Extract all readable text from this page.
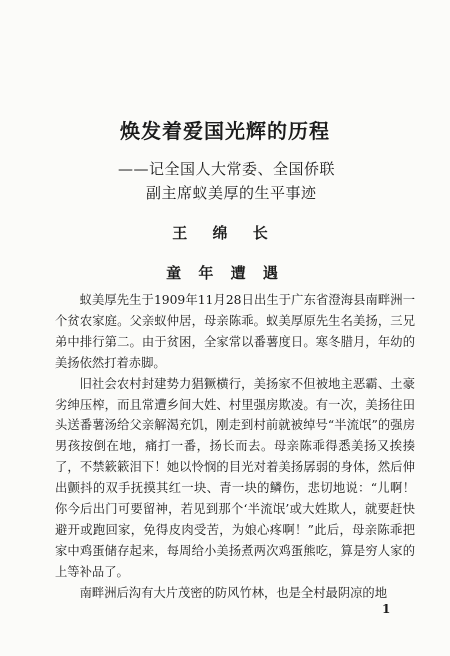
焕发着爱国光辉的历程
——记全国人大常委、全国侨联
副主席蚁美厚的生平事迹
王 绵 长
童 年 遭 遇

蚁美厚先生于1909年11月28日出生于广东省澄海县南畔洲一个贫农家庭。父亲蚁仲居，母亲陈乖。蚁美厚原先生名美扬，三兄弟中排行第二。由于贫困，全家常以番薯度日。寒冬腊月，年幼的美扬依然打着赤脚。

旧社会农村封建势力猖獗横行，美扬家不但被地主恶霸、土豪劣绅压榨，而且常遭乡间大姓、村里强房欺凌。有一次，美扬往田头送番薯汤给父亲解渴充饥，刚走到村前就被绰号“半流氓”的强房男孩按倒在地，痛打一番，扬长而去。母亲陈乖得悉美扬又挨揍了，不禁簌簌泪下！她以怜悯的目光对着美扬孱弱的身体，然后伸出颤抖的双手抚摸其红一块、青一块的鳞伤，悲切地说：“儿啊！你今后出门可要留神，若见到那个‘半流氓’或大姓欺人，就要赶快避开或跑回家，免得皮肉受苦，为娘心疼啊！”此后，母亲陈乖把家中鸡蛋储存起来，每周给小美扬煮两次鸡蛋熊吃，算是穷人家的上等补品了。

南畔洲后沟有大片茂密的防风竹林，也是全村最阴凉的地

1
